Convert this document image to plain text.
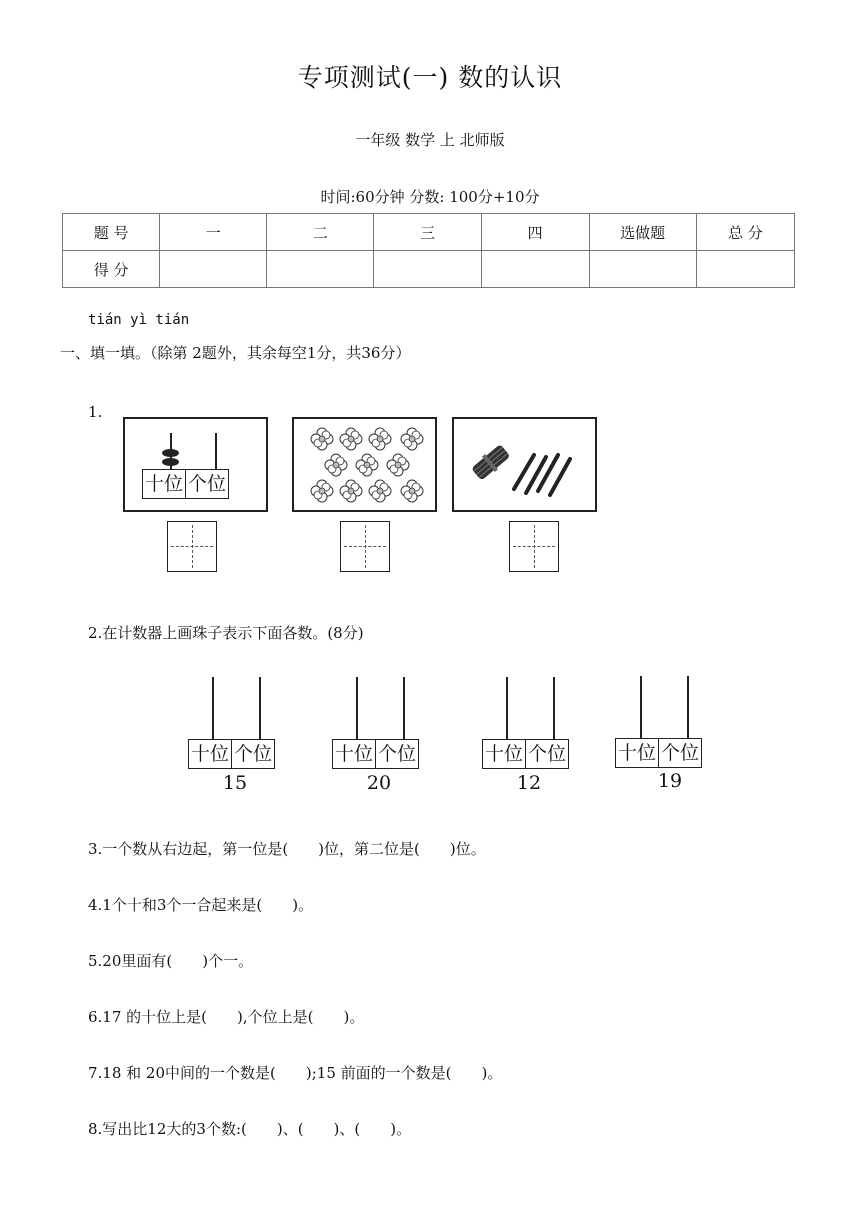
专项测试(一) 数的认识
一年级 数学 上 北师版
时间:60分钟 分数: 100分+10分
题 号	一	二	三	四	选做题	总 分
得 分						
tián yì tián
一、填一填。（除第 2题外，其余每空1分，共36分）
1.
十位 个位
2.在计数器上画珠子表示下面各数。(8分)
十位 个位
15
十位 个位
20
十位 个位
12
十位 个位
19
3.一个数从右边起，第一位是(　　)位，第二位是(　　)位。
4.1个十和3个一合起来是(　　)。
5.20里面有(　　)个一。
6.17 的十位上是(　　),个位上是(　　)。
7.18 和 20中间的一个数是(　　);15 前面的一个数是(　　)。
8.写出比12大的3个数:(　　)、(　　)、(　　)。
